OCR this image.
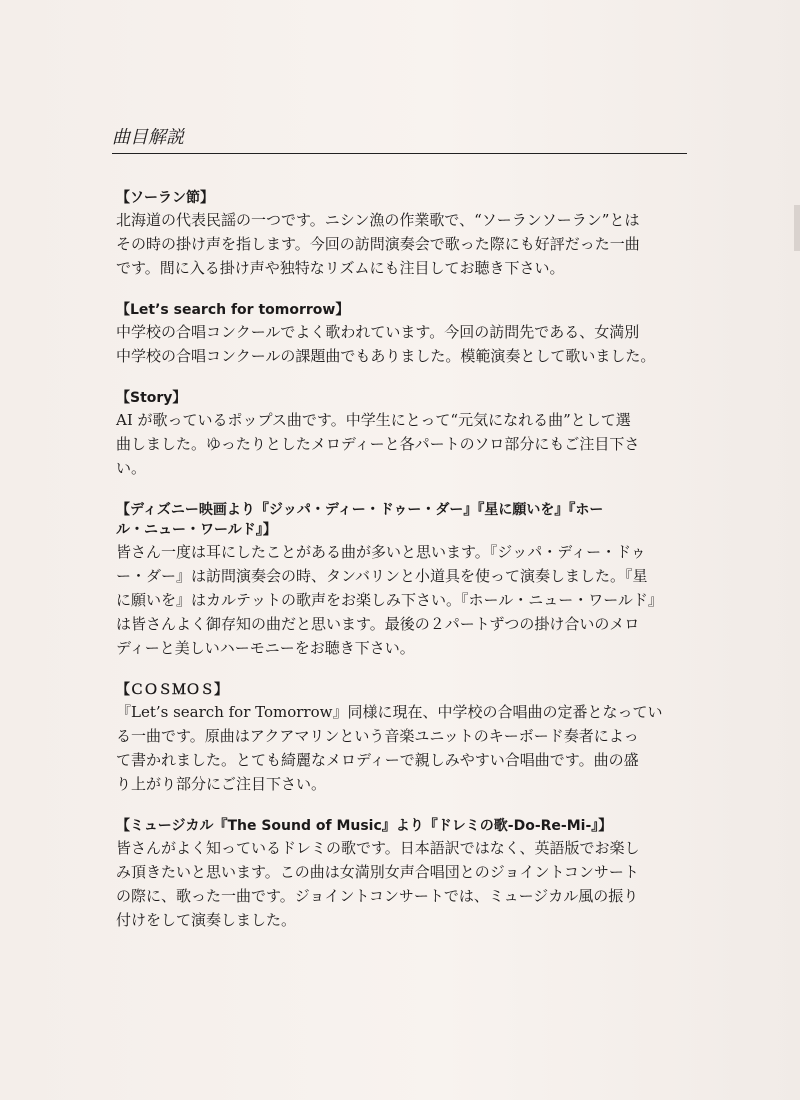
曲目解説
【ソーラン節】
北海道の代表民謡の一つです。ニシン漁の作業歌で、“ソーランソーラン”とは
その時の掛け声を指します。今回の訪問演奏会で歌った際にも好評だった一曲
です。間に入る掛け声や独特なリズムにも注目してお聴き下さい。
【Let’s search for tomorrow】
中学校の合唱コンクールでよく歌われています。今回の訪問先である、女満別
中学校の合唱コンクールの課題曲でもありました。模範演奏として歌いました。
【Story】
AI が歌っているポップス曲です。中学生にとって“元気になれる曲”として選
曲しました。ゆったりとしたメロディーと各パートのソロ部分にもご注目下さ
い。
【ディズニー映画より『ジッパ・ディー・ドゥー・ダー』『星に願いを』『ホー
ル・ニュー・ワールド』】
皆さん一度は耳にしたことがある曲が多いと思います。『ジッパ・ディー・ドゥ
ー・ダー』は訪問演奏会の時、タンバリンと小道具を使って演奏しました。『星
に願いを』はカルテットの歌声をお楽しみ下さい。『ホール・ニュー・ワールド』
は皆さんよく御存知の曲だと思います。最後の２パートずつの掛け合いのメロ
ディーと美しいハーモニーをお聴き下さい。
【ＣＯＳＭＯＳ】
『Let’s search for Tomorrow』同様に現在、中学校の合唱曲の定番となってい
る一曲です。原曲はアクアマリンという音楽ユニットのキーボード奏者によっ
て書かれました。とても綺麗なメロディーで親しみやすい合唱曲です。曲の盛
り上がり部分にご注目下さい。
【ミュージカル『The Sound of Music』より『ドレミの歌-Do-Re-Mi-』】
皆さんがよく知っているドレミの歌です。日本語訳ではなく、英語版でお楽し
み頂きたいと思います。この曲は女満別女声合唱団とのジョイントコンサート
の際に、歌った一曲です。ジョイントコンサートでは、ミュージカル風の振り
付けをして演奏しました。
